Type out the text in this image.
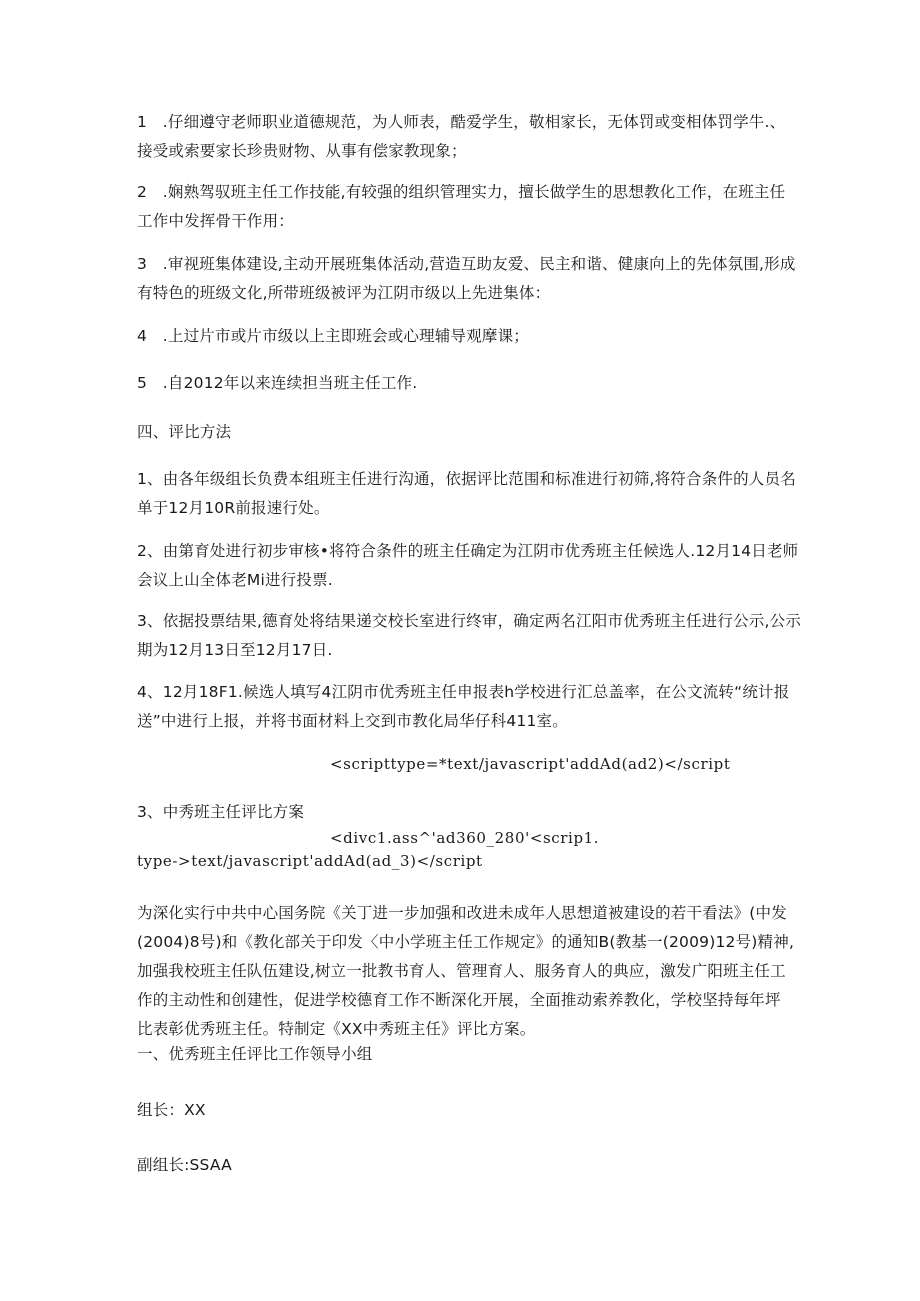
1　.仔细遵守老师职业道德规范，为人师表，酷爱学生，敬相家长，无体罚或变相体罚学牛.、
接受或索要家长珍贵财物、从事有偿家教现象；

2　.娴熟驾驭班主任工作技能,有较强的组织管理实力，擅长做学生的思想教化工作，在班主任
工作中发挥骨干作用：

3　.审视班集体建设,主动开展班集体活动,营造互助友爱、民主和谐、健康向上的先体氛围,形成
有特色的班级文化,所带班级被评为江阴市级以上先进集体：

4　.上过片市或片市级以上主即班会或心理辅导观摩课；

5　.自2012年以来连续担当班主任工作.

四、评比方法

1、由各年级组长负费本组班主任进行沟通，依据评比范围和标准进行初筛,将符合条件的人员名
单于12月10R前报速行处。

2、由第育处进行初步审核•将符合条件的班主任确定为江阴市优秀班主任候选人.12月14日老师
会议上山全体老Mi进行投票.

3、依据投票结果,德育处将结果递交校长室进行终审，确定两名江阳市优秀班主任进行公示,公示
期为12月13日至12月17日.

4、12月18F1.候选人填写4江阴市优秀班主任申报表h学校进行汇总盖率，在公文流转“统计报
送”中进行上报，并将书面材料上交到市教化局华仔科411室。

<scripttype=*text/javascript'addAd(ad2)</script

3、中秀班主任评比方案

<divc1.ass^'ad360_280'<scrip1.
type->text/javascript'addAd(ad_3)</script

为深化实行中共中心国务院《关丁进一步加强和改进未成年人思想道被建设的若干看法》(中发
(2004)8号)和《教化部关于印发〈中小学班主任工作规定》的通知B(教基一(2009)12号)精神,
加强我校班主任队伍建设,树立一批教书育人、管理育人、服务育人的典应，激发广阳班主任工
作的主动性和创建性，促进学校德育工作不断深化开展，全面推动索养教化，学校坚持每年坪
比表彰优秀班主任。特制定《XX中秀班主任》评比方案。

一、优秀班主任评比工作领导小组

组长：XX

副组长:SSAA
